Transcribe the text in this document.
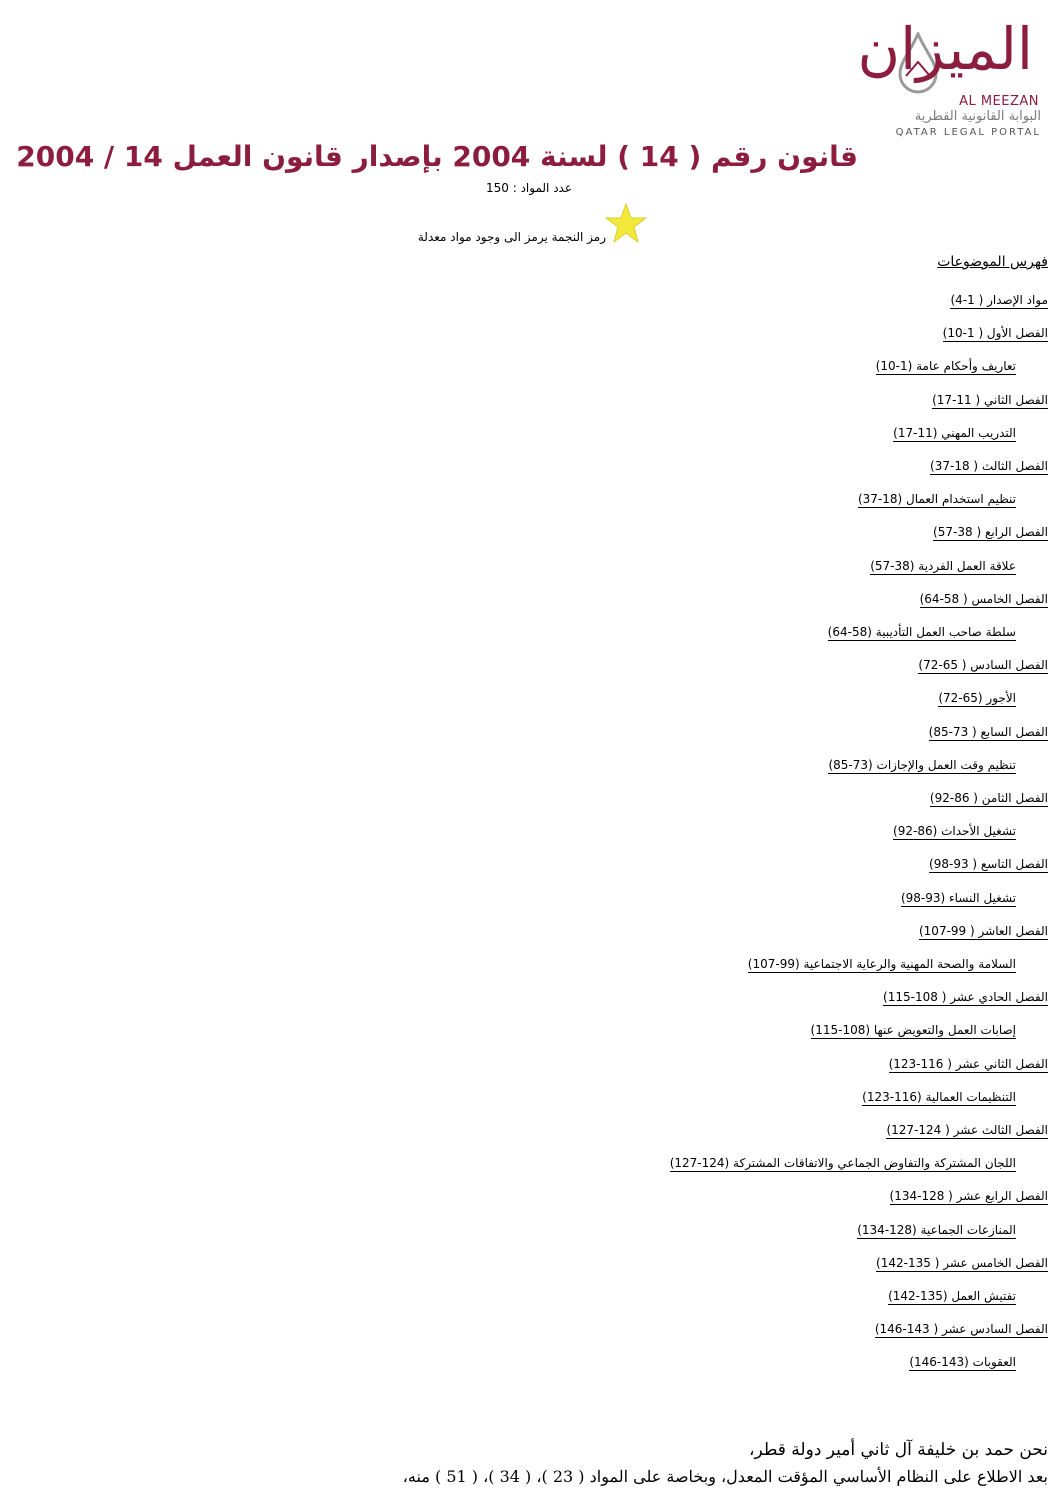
الميزان
AL MEEZAN
البوابة القانونية القطرية
QATAR LEGAL PORTAL
قانون رقم ( 14 ) لسنة 2004 بإصدار قانون العمل 14 / 2004
عدد المواد : 150
رمز النجمة يرمز الى وجود مواد معدلة
فهرس الموضوعات
مواد الإصدار ( 1-4)
الفصل الأول ( 1-10)
تعاريف وأحكام عامة (1-10)
الفصل الثاني ( 11-17)
التدريب المهني (11-17)
الفصل الثالث ( 18-37)
تنظيم استخدام العمال (18-37)
الفصل الرابع ( 38-57)
علاقة العمل الفردية (38-57)
الفصل الخامس ( 58-64)
سلطة صاحب العمل التأديبية (58-64)
الفصل السادس ( 65-72)
الأجور (65-72)
الفصل السابع ( 73-85)
تنظيم وقت العمل والإجازات (73-85)
الفصل الثامن ( 86-92)
تشغيل الأحداث (86-92)
الفصل التاسع ( 93-98)
تشغيل النساء (93-98)
الفصل العاشر ( 99-107)
السلامة والصحة المهنية والرعاية الاجتماعية (99-107)
الفصل الحادي عشر ( 108-115)
إصابات العمل والتعويض عنها (108-115)
الفصل الثاني عشر ( 116-123)
التنظيمات العمالية (116-123)
الفصل الثالث عشر ( 124-127)
اللجان المشتركة والتفاوض الجماعي والاتفاقات المشتركة (124-127)
الفصل الرابع عشر ( 128-134)
المنازعات الجماعية (128-134)
الفصل الخامس عشر ( 135-142)
تفتيش العمل (135-142)
الفصل السادس عشر ( 143-146)
العقوبات (143-146)
نحن حمد بن خليفة آل ثاني أمير دولة قطر،
بعد الاطلاع على النظام الأساسي المؤقت المعدل، وبخاصة على المواد ( 23 )، ( 34 )، ( 51 ) منه،
